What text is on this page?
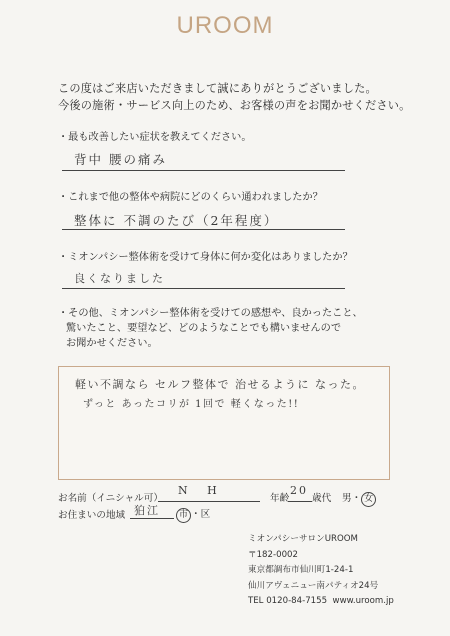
UROOM
この度はご来店いただきまして誠にありがとうございました。
今後の施術・サービス向上のため、お客様の声をお聞かせください。
・最も改善したい症状を教えてください。
背中 腰の痛み
・これまで他の整体や病院にどのくらい通われましたか？
整体に 不調のたび（2年程度）
・ミオンパシー整体術を受けて身体に何か変化はありましたか？
良くなりました
・その他、ミオンパシー整体術を受けての感想や、良かったこと、
驚いたこと、要望など、どのようなことでも構いませんので
お聞かせください。
軽い不調なら セルフ整体で 治せるように なった。
ずっと あったコリが 1回で 軽くなった!!
お名前（イニシャル可）
N H
年齢
20
歳代 男・ 女
お住まいの地域 狛江	市 ・区
ミオンパシーサロンUROOM
〒182-0002
東京都調布市仙川町1-24-1
仙川アヴェニュー南パティオ24号
TEL 0120-84-7155 www.uroom.jp
